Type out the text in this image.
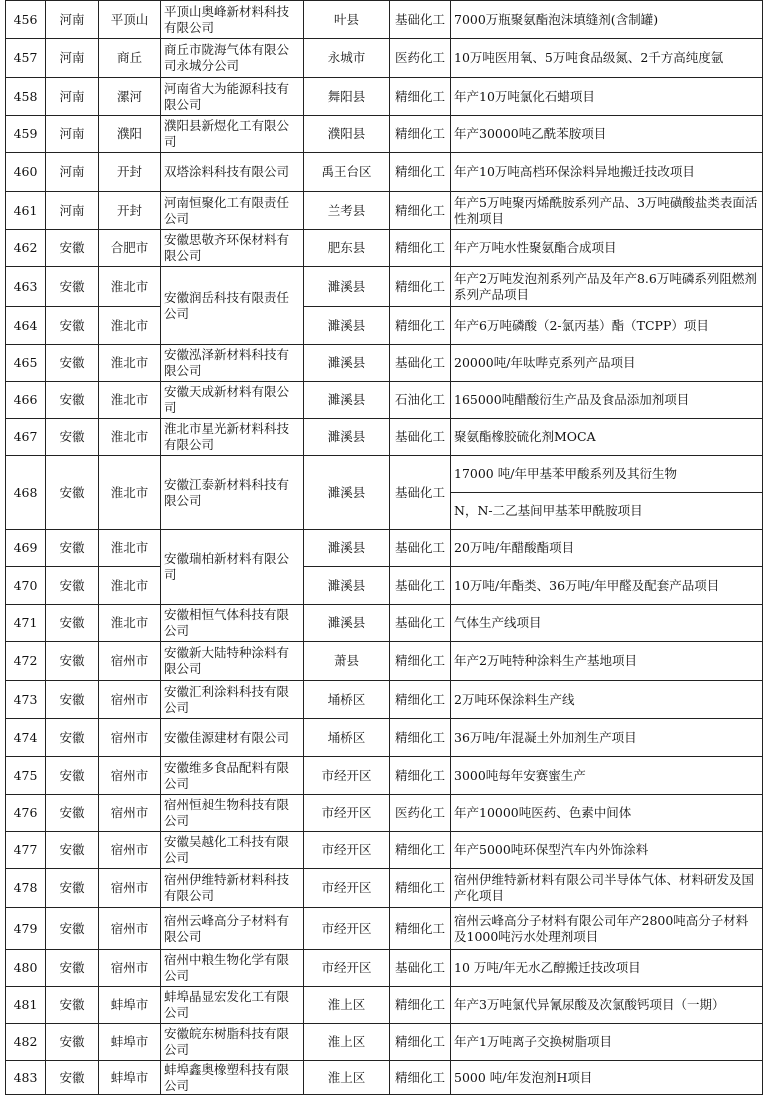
456	河南	平顶山	平顶山奥峰新材料科技有限公司	叶县	基础化工	7000万瓶聚氨酯泡沫填缝剂(含制罐)
457	河南	商丘	商丘市陇海气体有限公司永城分公司	永城市	医药化工	10万吨医用氧、5万吨食品级氮、2千方高纯度氩
458	河南	漯河	河南省大为能源科技有限公司	舞阳县	精细化工	年产10万吨氯化石蜡项目
459	河南	濮阳	濮阳县新煜化工有限公司	濮阳县	精细化工	年产30000吨乙酰苯胺项目
460	河南	开封	双塔涂料科技有限公司	禹王台区	精细化工	年产10万吨高档环保涂料异地搬迁技改项目
461	河南	开封	河南恒聚化工有限责任公司	兰考县	精细化工	年产5万吨聚丙烯酰胺系列产品、3万吨磺酸盐类表面活性剂项目
462	安徽	合肥市	安徽思敬齐环保材料有限公司	肥东县	精细化工	年产万吨水性聚氨酯合成项目
463	安徽	淮北市	安徽润岳科技有限责任公司	濉溪县	精细化工	年产2万吨发泡剂系列产品及年产8.6万吨磷系列阻燃剂系列产品项目
464	安徽	淮北市		濉溪县	精细化工	年产6万吨磷酸（2-氯丙基）酯（TCPP）项目
465	安徽	淮北市	安徽泓泽新材料科技有限公司	濉溪县	基础化工	20000吨/年呔哔克系列产品项目
466	安徽	淮北市	安徽天成新材料有限公司	濉溪县	石油化工	165000吨醋酸衍生产品及食品添加剂项目
467	安徽	淮北市	淮北市星光新材料科技有限公司	濉溪县	基础化工	聚氨酯橡胶硫化剂MOCA
468	安徽	淮北市	安徽江泰新材料科技有限公司	濉溪县	基础化工	17000 吨/年甲基苯甲酸系列及其衍生物
						N，N-二乙基间甲基苯甲酰胺项目
469	安徽	淮北市	安徽瑞柏新材料有限公司	濉溪县	基础化工	20万吨/年醋酸酯项目
470	安徽	淮北市		濉溪县	基础化工	10万吨/年酯类、36万吨/年甲醛及配套产品项目
471	安徽	淮北市	安徽相恒气体科技有限公司	濉溪县	基础化工	气体生产线项目
472	安徽	宿州市	安徽新大陆特种涂料有限公司	萧县	精细化工	年产2万吨特种涂料生产基地项目
473	安徽	宿州市	安徽汇利涂料科技有限公司	埇桥区	精细化工	2万吨环保涂料生产线
474	安徽	宿州市	安徽佳源建材有限公司	埇桥区	精细化工	36万吨/年混凝土外加剂生产项目
475	安徽	宿州市	安徽维多食品配料有限公司	市经开区	精细化工	3000吨每年安赛蜜生产
476	安徽	宿州市	宿州恒昶生物科技有限公司	市经开区	医药化工	年产10000吨医药、色素中间体
477	安徽	宿州市	安徽吴越化工科技有限公司	市经开区	精细化工	年产5000吨环保型汽车内外饰涂料
478	安徽	宿州市	宿州伊维特新材料科技有限公司	市经开区	精细化工	宿州伊维特新材料有限公司半导体气体、材料研发及国产化项目
479	安徽	宿州市	宿州云峰高分子材料有限公司	市经开区	精细化工	宿州云峰高分子材料有限公司年产2800吨高分子材料及1000吨污水处理剂项目
480	安徽	宿州市	宿州中粮生物化学有限公司	市经开区	基础化工	10 万吨/年无水乙醇搬迁技改项目
481	安徽	蚌埠市	蚌埠晶显宏发化工有限公司	淮上区	精细化工	年产3万吨氯代异氰尿酸及次氯酸钙项目（一期）
482	安徽	蚌埠市	安徽皖东树脂科技有限公司	淮上区	精细化工	年产1万吨离子交换树脂项目
483	安徽	蚌埠市	蚌埠鑫奥橡塑科技有限公司	淮上区	精细化工	5000 吨/年发泡剂H项目
